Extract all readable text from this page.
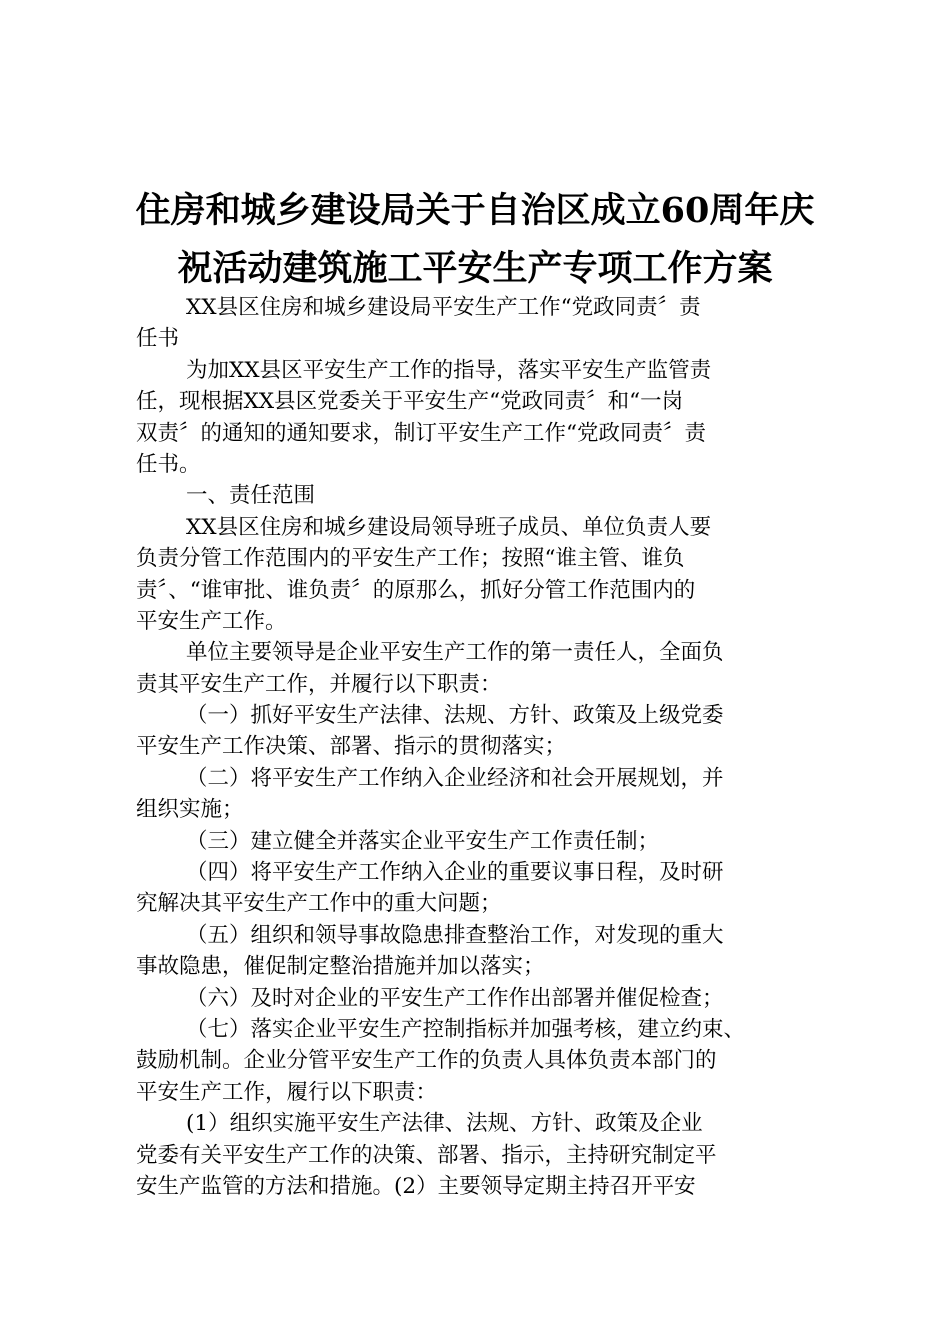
住房和城乡建设局关于自治区成立60周年庆
祝活动建筑施工平安生产专项工作方案
XX县区住房和城乡建设局平安生产工作“党政同责〞责
任书
为加XX县区平安生产工作的指导，落实平安生产监管责
任，现根据XX县区党委关于平安生产“党政同责〞和“一岗
双责〞的通知的通知要求，制订平安生产工作“党政同责〞责
任书。
一、责任范围
XX县区住房和城乡建设局领导班子成员、单位负责人要
负责分管工作范围内的平安生产工作；按照“谁主管、谁负
责〞、“谁审批、谁负责〞的原那么，抓好分管工作范围内的
平安生产工作。
单位主要领导是企业平安生产工作的第一责任人，全面负
责其平安生产工作，并履行以下职责：
（一）抓好平安生产法律、法规、方针、政策及上级党委
平安生产工作决策、部署、指示的贯彻落实；
（二）将平安生产工作纳入企业经济和社会开展规划，并
组织实施；
（三）建立健全并落实企业平安生产工作责任制；
（四）将平安生产工作纳入企业的重要议事日程，及时研
究解决其平安生产工作中的重大问题；
（五）组织和领导事故隐患排查整治工作，对发现的重大
事故隐患，催促制定整治措施并加以落实；
（六）及时对企业的平安生产工作作出部署并催促检查；
（七）落实企业平安生产控制指标并加强考核，建立约束、
鼓励机制。企业分管平安生产工作的负责人具体负责本部门的
平安生产工作，履行以下职责：
(1）组织实施平安生产法律、法规、方针、政策及企业
党委有关平安生产工作的决策、部署、指示，主持研究制定平
安生产监管的方法和措施。(2）主要领导定期主持召开平安
